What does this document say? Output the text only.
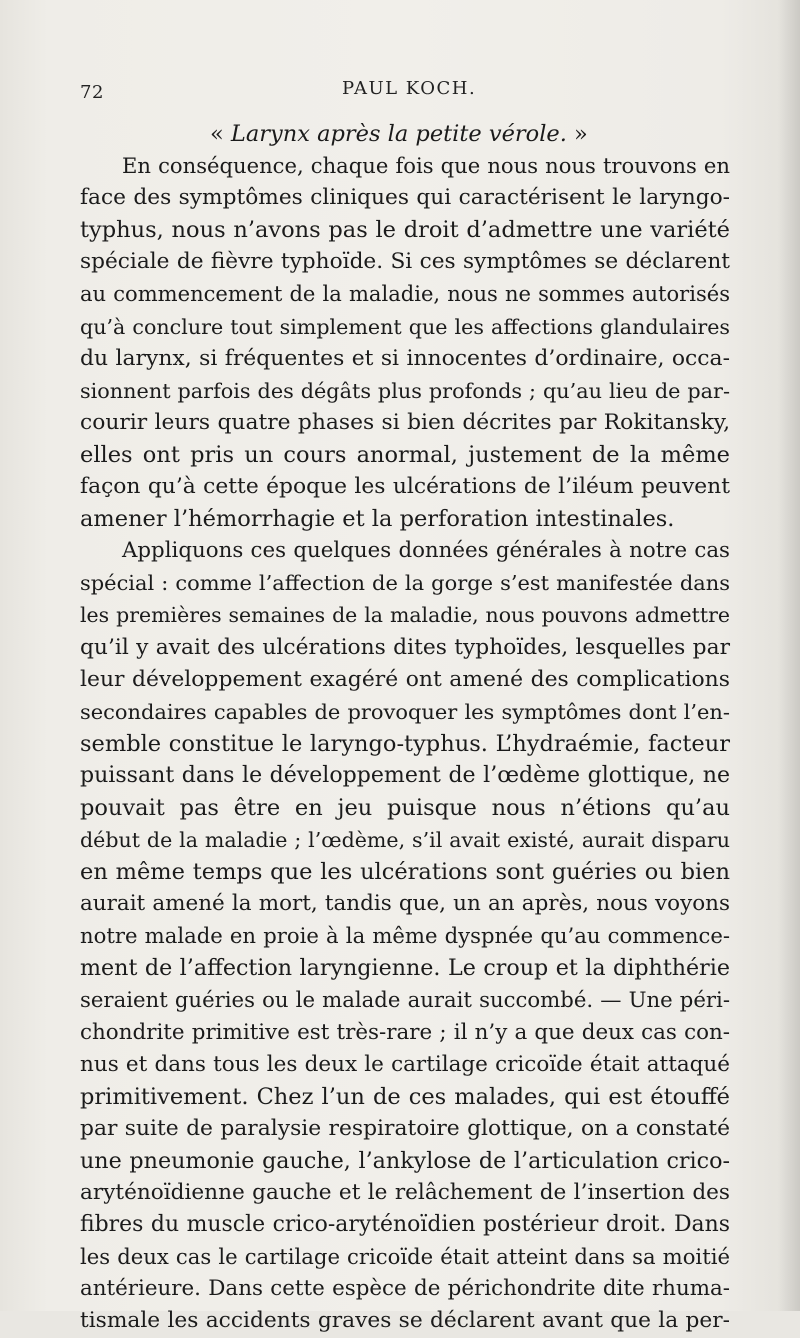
72	PAUL KOCH.
« Larynx après la petite vérole. »
En conséquence, chaque fois que nous nous trouvons en
face des symptômes cliniques qui caractérisent le laryngo-
typhus, nous n’avons pas le droit d’admettre une variété
spéciale de fièvre typhoïde. Si ces symptômes se déclarent
au commencement de la maladie, nous ne sommes autorisés
qu’à conclure tout simplement que les affections glandulaires
du larynx, si fréquentes et si innocentes d’ordinaire, occa-
sionnent parfois des dégâts plus profonds ; qu’au lieu de par-
courir leurs quatre phases si bien décrites par Rokitansky,
elles ont pris un cours anormal, justement de la même
façon qu’à cette époque les ulcérations de l’iléum peuvent
amener l’hémorrhagie et la perforation intestinales.
Appliquons ces quelques données générales à notre cas
spécial : comme l’affection de la gorge s’est manifestée dans
les premières semaines de la maladie, nous pouvons admettre
qu’il y avait des ulcérations dites typhoïdes, lesquelles par
leur développement exagéré ont amené des complications
secondaires capables de provoquer les symptômes dont l’en-
semble constitue le laryngo-typhus. L’hydraémie, facteur
puissant dans le développement de l’œdème glottique, ne
pouvait pas être en jeu puisque nous n’étions qu’au
début de la maladie ; l’œdème, s’il avait existé, aurait disparu
en même temps que les ulcérations sont guéries ou bien
aurait amené la mort, tandis que, un an après, nous voyons
notre malade en proie à la même dyspnée qu’au commence-
ment de l’affection laryngienne. Le croup et la diphthérie
seraient guéries ou le malade aurait succombé. — Une péri-
chondrite primitive est très-rare ; il n’y a que deux cas con-
nus et dans tous les deux le cartilage cricoïde était attaqué
primitivement. Chez l’un de ces malades, qui est étouffé
par suite de paralysie respiratoire glottique, on a constaté
une pneumonie gauche, l’ankylose de l’articulation crico-
aryténoïdienne gauche et le relâchement de l’insertion des
fibres du muscle crico-aryténoïdien postérieur droit. Dans
les deux cas le cartilage cricoïde était atteint dans sa moitié
antérieure. Dans cette espèce de périchondrite dite rhuma-
tismale les accidents graves se déclarent avant que la per-
